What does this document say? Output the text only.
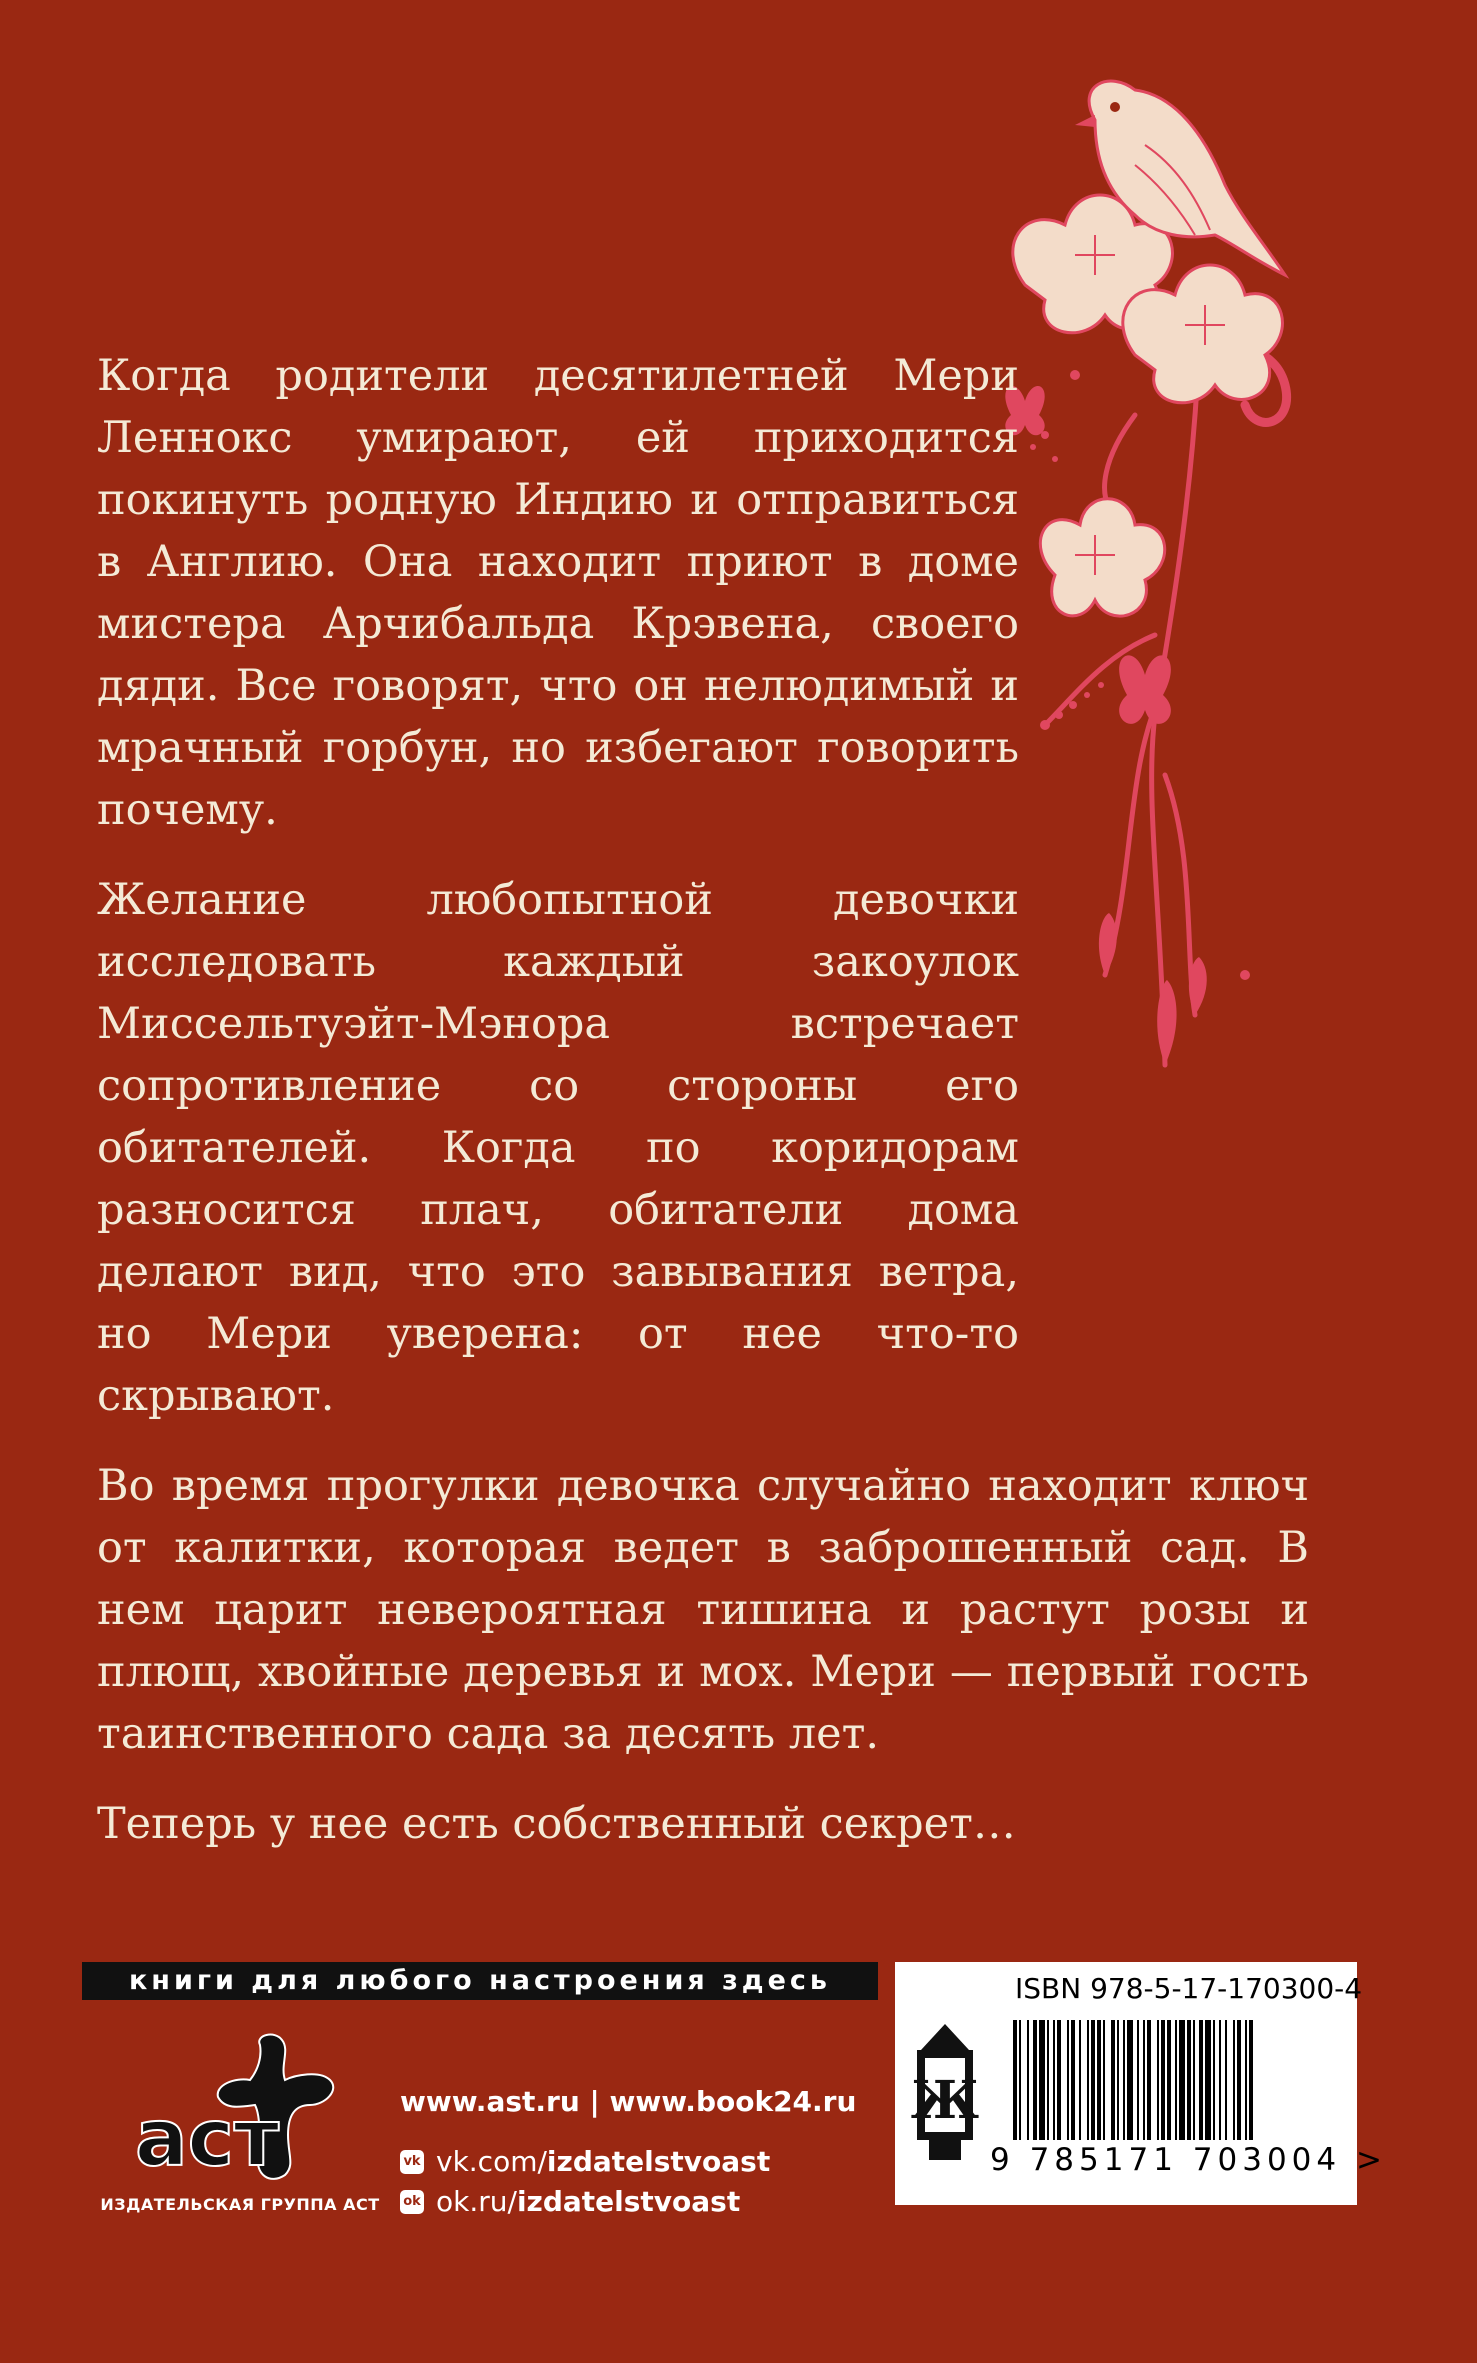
Когда родители десятилетней Мери Леннокс умирают, ей приходится покинуть родную Индию и отправиться в Англию. Она находит приют в доме мистера Арчибальда Крэвена, своего дяди. Все говорят, что он нелюдимый и мрачный горбун, но избегают говорить почему.

Желание любопытной девочки исследовать каждый закоулок Миссельтуэйт-Мэнора встречает сопротивление со стороны его обитателей. Когда по коридорам разносится плач, обитатели дома делают вид, что это завывания ветра, но Мери уверена: от нее что-то скрывают.

Во время прогулки девочка случайно находит ключ от калитки, которая ведет в заброшенный сад. В нем царит невероятная тишина и растут розы и плющ, хвойные деревья и мох. Мери — первый гость таинственного сада за десять лет.

Теперь у нее есть собственный секрет…

книги для любого настроения здесь
аст
ИЗДАТЕЛЬСКАЯ ГРУППА АСТ
www.ast.ru | www.book24.ru
vk vk.com/ izdatelstvoast
ok ok.ru/ izdatelstvoast
Ж
ISBN 978-5-17-170300-4
9 785171 703004 >
